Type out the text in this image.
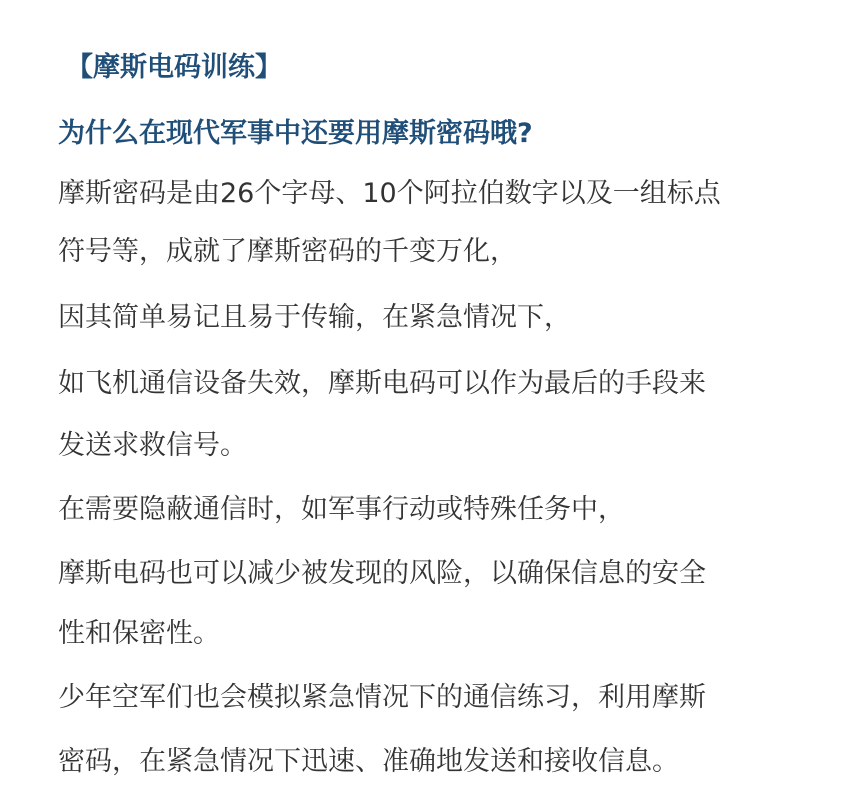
【摩斯电码训练】
为什么在现代军事中还要用摩斯密码哦?
摩斯密码是由26个字母、10个阿拉伯数字以及一组标点
符号等，成就了摩斯密码的千变万化，
因其简单易记且易于传输，在紧急情况下，
如飞机通信设备失效，摩斯电码可以作为最后的手段来
发送求救信号。
在需要隐蔽通信时，如军事行动或特殊任务中，
摩斯电码也可以减少被发现的风险，以确保信息的安全
性和保密性。
少年空军们也会模拟紧急情况下的通信练习，利用摩斯
密码，在紧急情况下迅速、准确地发送和接收信息。
